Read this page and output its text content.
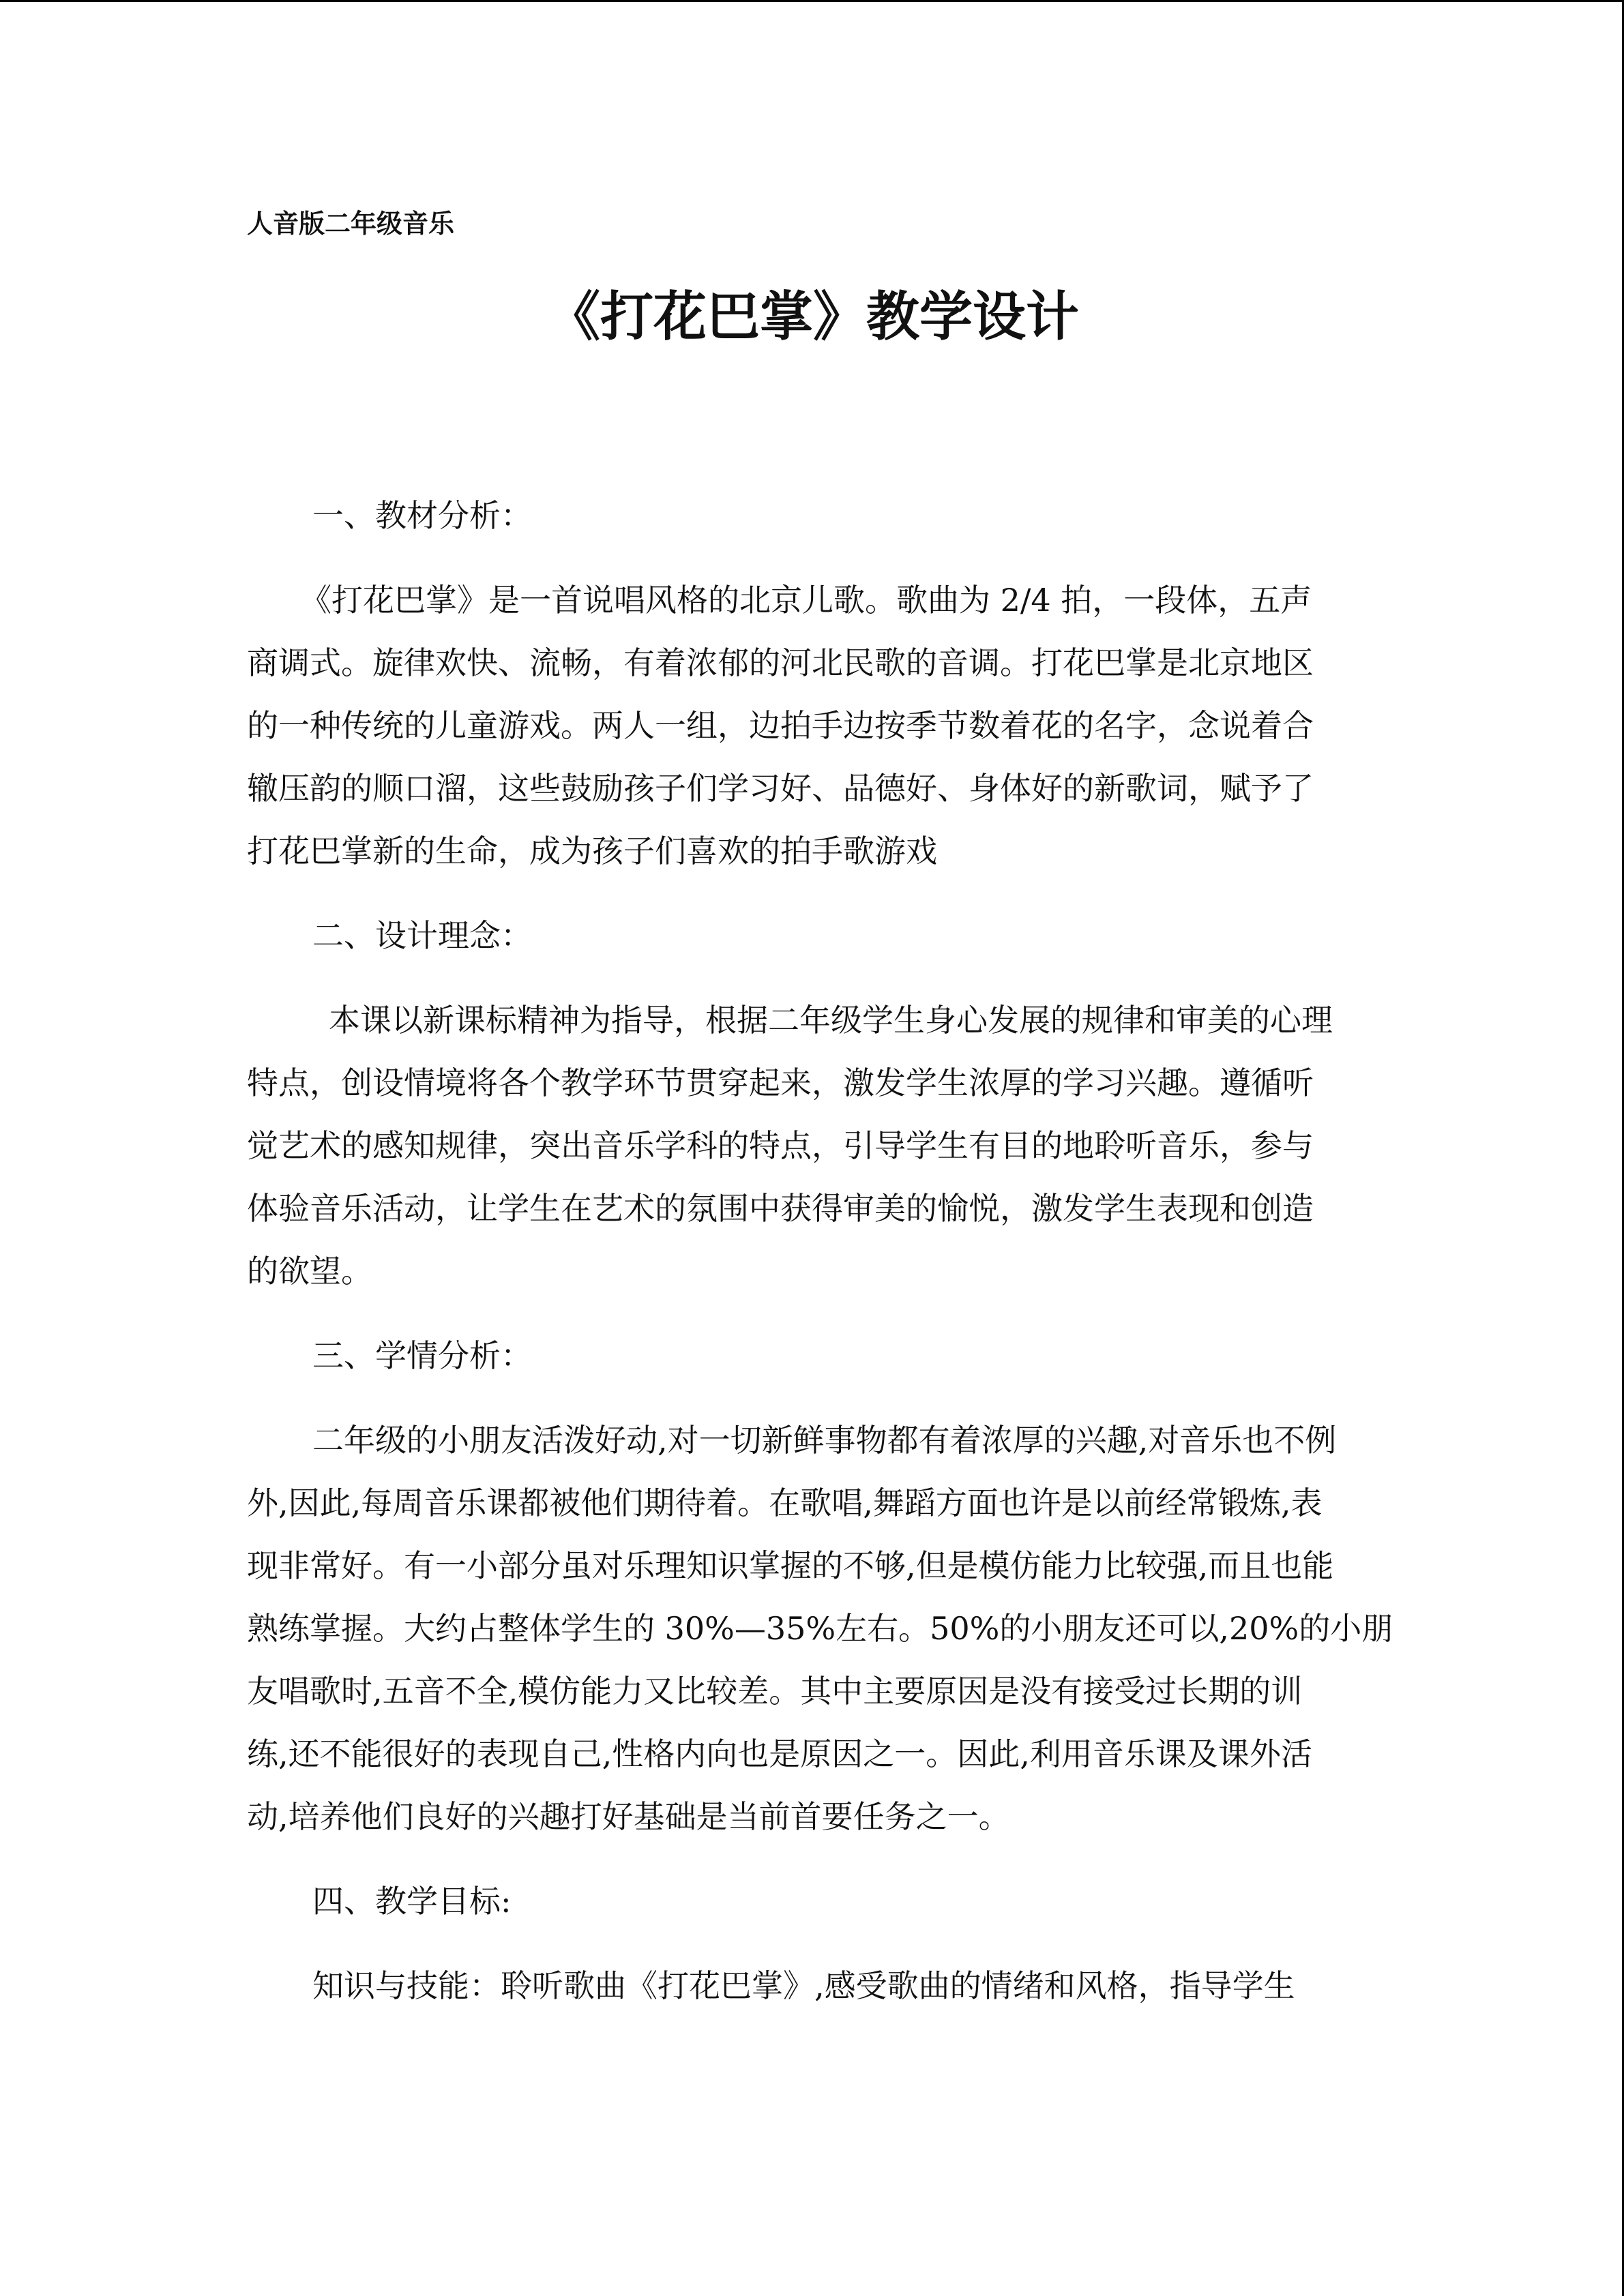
人音版二年级音乐
《打花巴掌》教学设计
一、教材分析：
《打花巴掌》是一首说唱风格的北京儿歌。歌曲为 2/4 拍，一段体，五声
商调式。旋律欢快、流畅，有着浓郁的河北民歌的音调。打花巴掌是北京地区
的一种传统的儿童游戏。两人一组，边拍手边按季节数着花的名字，念说着合
辙压韵的顺口溜，这些鼓励孩子们学习好、品德好、身体好的新歌词，赋予了
打花巴掌新的生命，成为孩子们喜欢的拍手歌游戏
二、设计理念：
本课以新课标精神为指导，根据二年级学生身心发展的规律和审美的心理
特点，创设情境将各个教学环节贯穿起来，激发学生浓厚的学习兴趣。遵循听
觉艺术的感知规律，突出音乐学科的特点，引导学生有目的地聆听音乐，参与
体验音乐活动，让学生在艺术的氛围中获得审美的愉悦，激发学生表现和创造
的欲望。
三、学情分析：
二年级的小朋友活泼好动,对一切新鲜事物都有着浓厚的兴趣,对音乐也不例
外,因此,每周音乐课都被他们期待着。在歌唱,舞蹈方面也许是以前经常锻炼,表
现非常好。有一小部分虽对乐理知识掌握的不够,但是模仿能力比较强,而且也能
熟练掌握。大约占整体学生的 30%—35%左右。50%的小朋友还可以,20%的小朋
友唱歌时,五音不全,模仿能力又比较差。其中主要原因是没有接受过长期的训
练,还不能很好的表现自己,性格内向也是原因之一。因此,利用音乐课及课外活
动,培养他们良好的兴趣打好基础是当前首要任务之一。
四、教学目标:
知识与技能：聆听歌曲《打花巴掌》,感受歌曲的情绪和风格，指导学生
